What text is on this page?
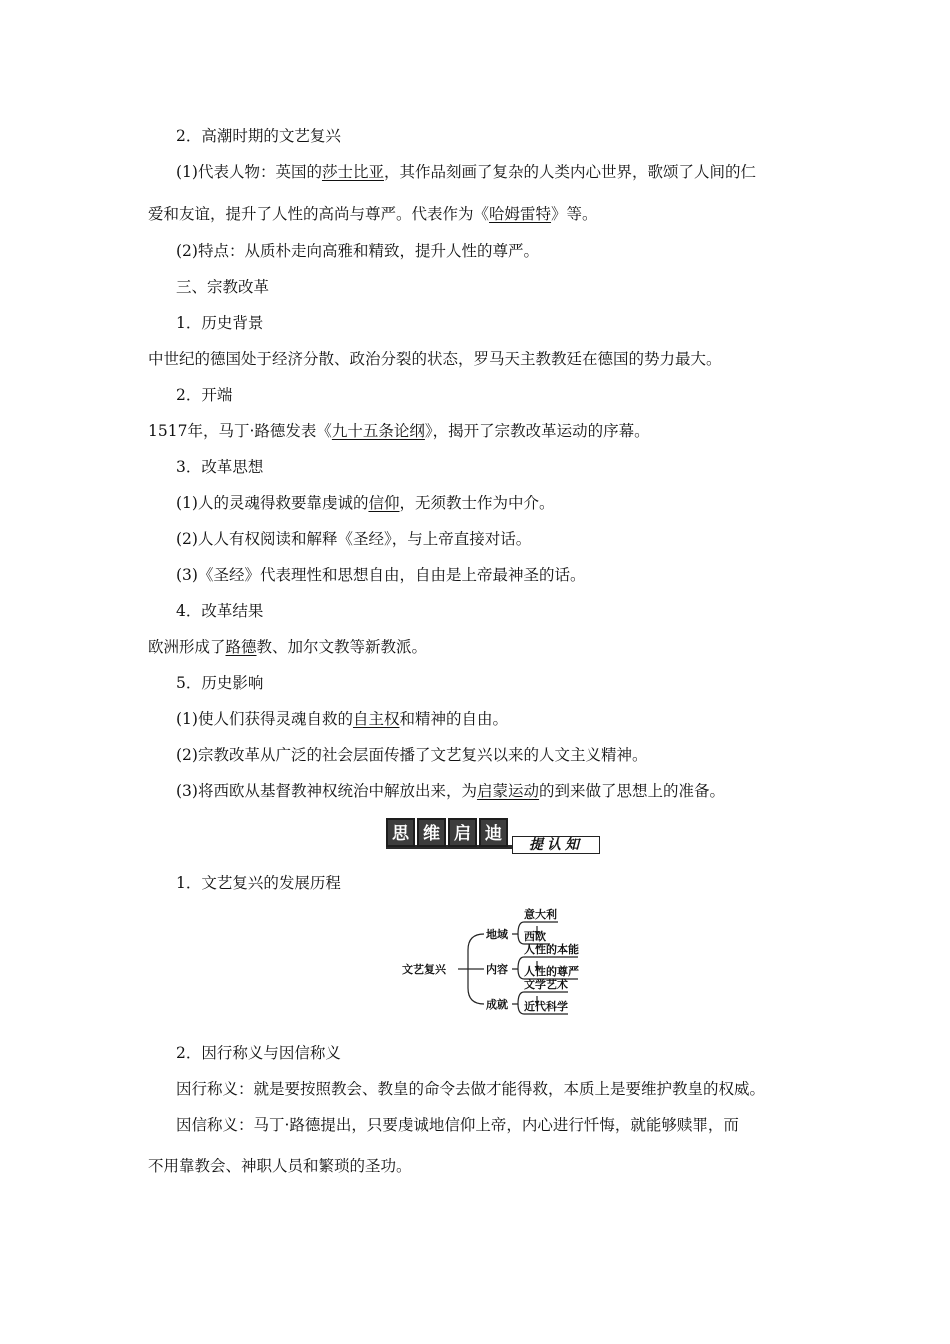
2．高潮时期的文艺复兴
(1)代表人物：英国的莎士比亚，其作品刻画了复杂的人类内心世界，歌颂了人间的仁
爱和友谊，提升了人性的高尚与尊严。代表作为《哈姆雷特》等。
(2)特点：从质朴走向高雅和精致，提升人性的尊严。
三、宗教改革
1．历史背景
中世纪的德国处于经济分散、政治分裂的状态，罗马天主教教廷在德国的势力最大。
2．开端
1517年，马丁·路德发表《九十五条论纲》，揭开了宗教改革运动的序幕。
3．改革思想
(1)人的灵魂得救要靠虔诚的信仰，无须教士作为中介。
(2)人人有权阅读和解释《圣经》，与上帝直接对话。
(3)《圣经》代表理性和思想自由，自由是上帝最神圣的话。
4．改革结果
欧洲形成了路德教、加尔文教等新教派。
5．历史影响
(1)使人们获得灵魂自救的自主权和精神的自由。
(2)宗教改革从广泛的社会层面传播了文艺复兴以来的人文主义精神。
(3)将西欧从基督教神权统治中解放出来，为启蒙运动的到来做了思想上的准备。
思 维 启 迪
提认知
1．文艺复兴的发展历程
文艺复兴
地域
内容
成就
意大利
西欧
人性的本能
人性的尊严
文学艺术
近代科学
2．因行称义与因信称义
因行称义：就是要按照教会、教皇的命令去做才能得救，本质上是要维护教皇的权威。
因信称义：马丁·路德提出，只要虔诚地信仰上帝，内心进行忏悔，就能够赎罪，而
不用靠教会、神职人员和繁琐的圣功。
